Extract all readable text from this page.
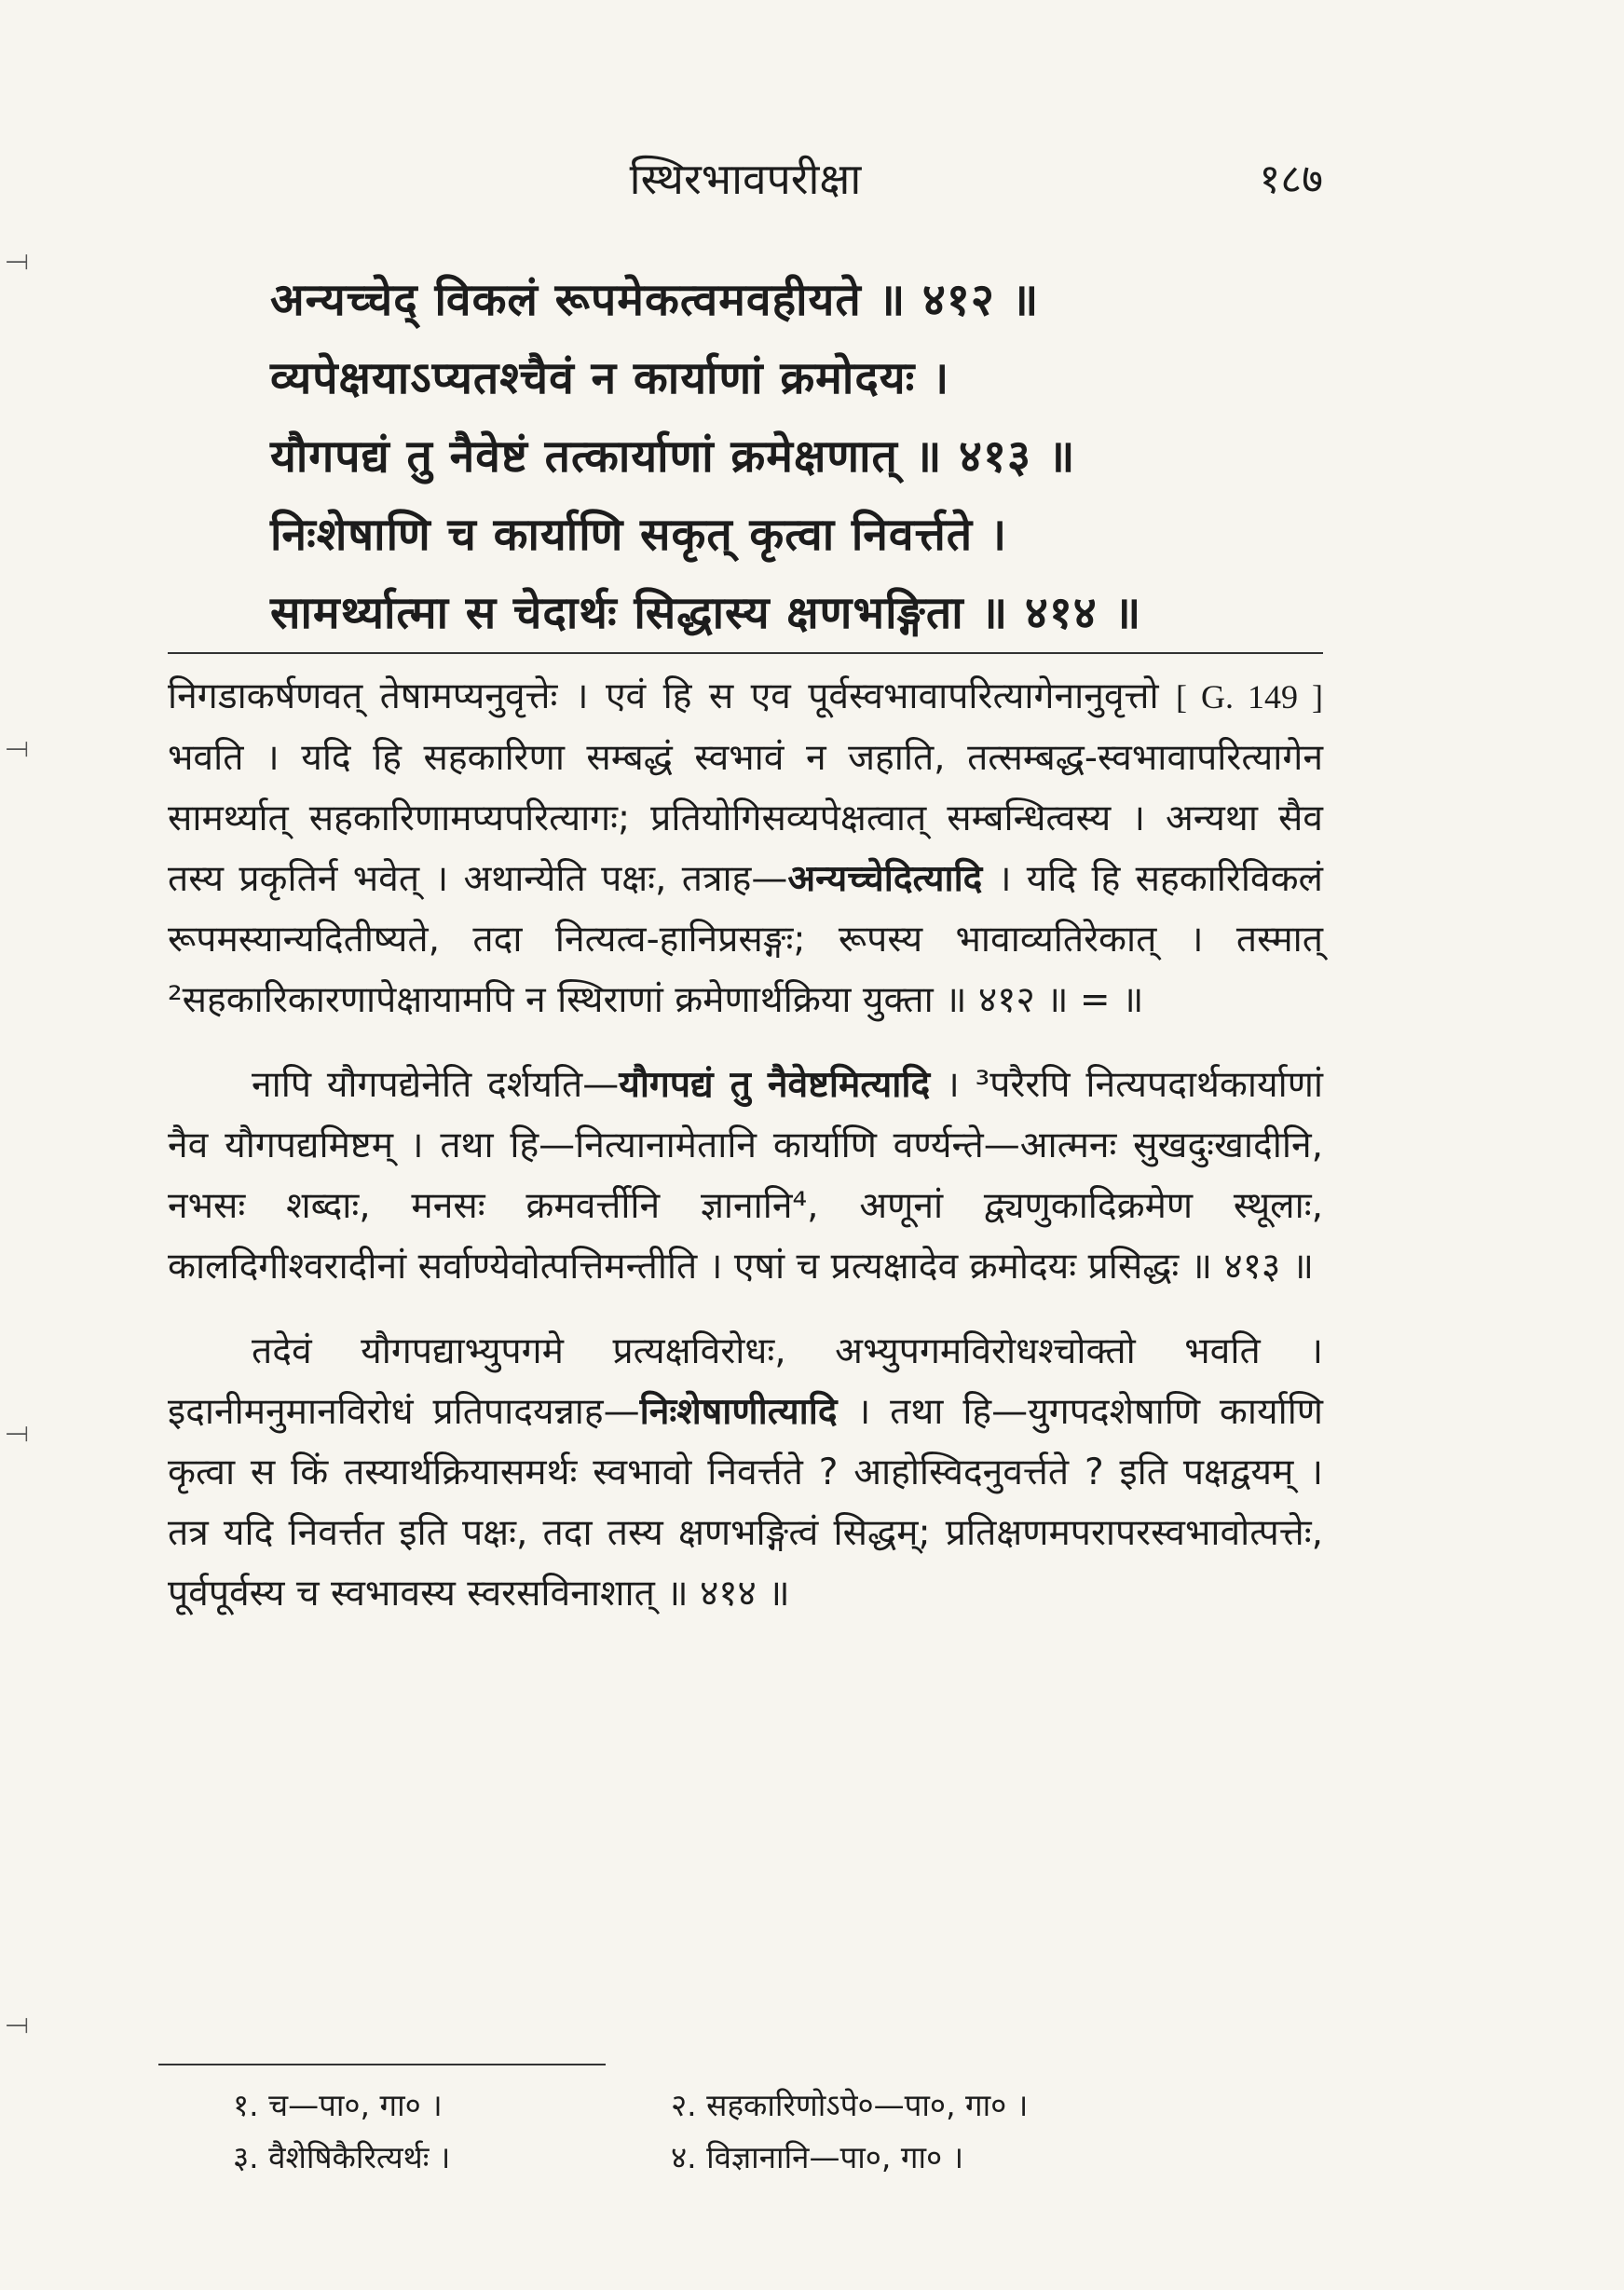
स्थिरभावपरीक्षा	१८७
अन्यच्चेद् विकलं रूपमेकत्वमवहीयते ॥ ४१२ ॥
व्यपेक्षयाऽप्यतश्चैवं न कार्याणां क्रमोदयः ।
यौगपद्यं तु नैवेष्टं तत्कार्याणां क्रमेक्षणात् ॥ ४१३ ॥
निःशेषाणि च कार्याणि सकृत् कृत्वा निवर्त्तते ।
सामर्थ्यात्मा स चेदार्थः सिद्धास्य क्षणभङ्गिता ॥ ४१४ ॥

निगडाकर्षणवत् तेषामप्यनुवृत्तेः । एवं हि स एव पूर्वस्वभावापरित्यागेनानुवृत्तो [ G. 149 ] भवति । यदि हि सहकारिणा सम्बद्धं स्वभावं न जहाति, तत्सम्बद्ध-स्वभावापरित्यागेन सामर्थ्यात् सहकारिणामप्यपरित्यागः; प्रतियोगिसव्यपेक्षत्वात् सम्बन्धित्वस्य । अन्यथा सैव तस्य प्रकृतिर्न भवेत् । अथान्येति पक्षः, तत्राह—अन्यच्चेदित्यादि । यदि हि सहकारिविकलं रूपमस्यान्यदितीष्यते, तदा नित्यत्व-हानिप्रसङ्गः; रूपस्य भावाव्यतिरेकात् । तस्मात् ²सहकारिकारणापेक्षायामपि न स्थिराणां क्रमेणार्थक्रिया युक्ता ॥ ४१२ ॥ = ॥

नापि यौगपद्येनेति दर्शयति—यौगपद्यं तु नैवेष्टमित्यादि । ³परैरपि नित्यपदार्थकार्याणां नैव यौगपद्यमिष्टम् । तथा हि—नित्यानामेतानि कार्याणि वर्ण्यन्ते—आत्मनः सुखदुःखादीनि, नभसः शब्दाः, मनसः क्रमवर्त्तीनि ज्ञानानि⁴, अणूनां द्व्यणुकादिक्रमेण स्थूलाः, कालदिगीश्वरादीनां सर्वाण्येवोत्पत्तिमन्तीति । एषां च प्रत्यक्षादेव क्रमोदयः प्रसिद्धः ॥ ४१३ ॥

तदेवं यौगपद्याभ्युपगमे प्रत्यक्षविरोधः, अभ्युपगमविरोधश्चोक्तो भवति । इदानीमनुमानविरोधं प्रतिपादयन्नाह—निःशेषाणीत्यादि । तथा हि—युगपदशेषाणि कार्याणि कृत्वा स किं तस्यार्थक्रियासमर्थः स्वभावो निवर्त्तते ? आहोस्विदनुवर्त्तते ? इति पक्षद्वयम् । तत्र यदि निवर्त्तत इति पक्षः, तदा तस्य क्षणभङ्गित्वं सिद्धम्; प्रतिक्षणमपरापरस्वभावोत्पत्तेः, पूर्वपूर्वस्य च स्वभावस्य स्वरसविनाशात् ॥ ४१४ ॥

१. च—पा०, गा० ।	२. सहकारिणोऽपे०—पा०, गा० ।
३. वैशेषिकैरित्यर्थः ।	४. विज्ञानानि—पा०, गा० ।
⟞
⟞
⟞
⟞
